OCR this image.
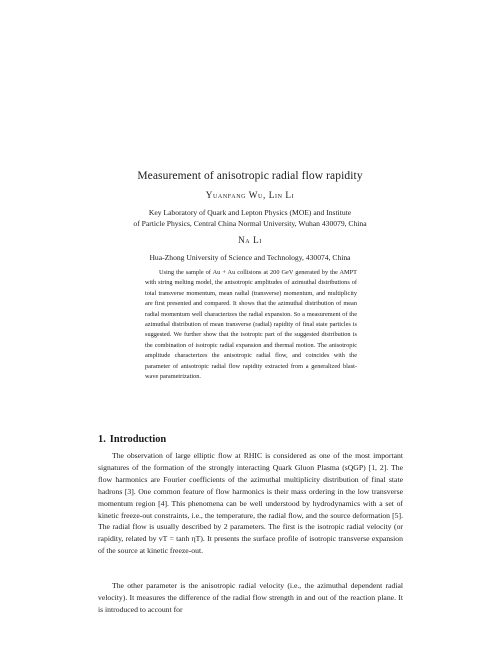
Measurement of anisotropic radial flow rapidity
Yuanfang Wu, Lin Li
Key Laboratory of Quark and Lepton Physics (MOE) and Institute
of Particle Physics, Central China Normal University, Wuhan 430079, China
Na Li
Hua-Zhong University of Science and Technology, 430074, China

Using the sample of Au + Au collisions at 200 GeV generated by the AMPT with string melting model, the anisotropic amplitudes of azimuthal distributions of total transverse momentum, mean radial (transverse) momentum, and multiplicity are first presented and compared. It shows that the azimuthal distribution of mean radial momentum well characterizes the radial expansion. So a measurement of the azimuthal distribution of mean transverse (radial) rapidity of final state particles is suggested. We further show that the isotropic part of the suggested distribution is the combination of isotropic radial expansion and thermal motion. The anisotropic amplitude characterizes the anisotropic radial flow, and coincides with the parameter of anisotropic radial flow rapidity extracted from a generalized blast-wave parametrization.

1. Introduction

The observation of large elliptic flow at RHIC is considered as one of the most important signatures of the formation of the strongly interacting Quark Gluon Plasma (sQGP) [1, 2]. The flow harmonics are Fourier coefficients of the azimuthal multiplicity distribution of final state hadrons [3]. One common feature of flow harmonics is their mass ordering in the low transverse momentum region [4]. This phenomena can be well understood by hydrodynamics with a set of kinetic freeze-out constraints, i.e., the temperature, the radial flow, and the source deformation [5]. The radial flow is usually described by 2 parameters. The first is the isotropic radial velocity (or rapidity, related by vT = tanh ηT). It presents the surface profile of isotropic transverse expansion of the source at kinetic freeze-out.

The other parameter is the anisotropic radial velocity (i.e., the azimuthal dependent radial velocity). It measures the difference of the radial flow strength in and out of the reaction plane. It is introduced to account for
